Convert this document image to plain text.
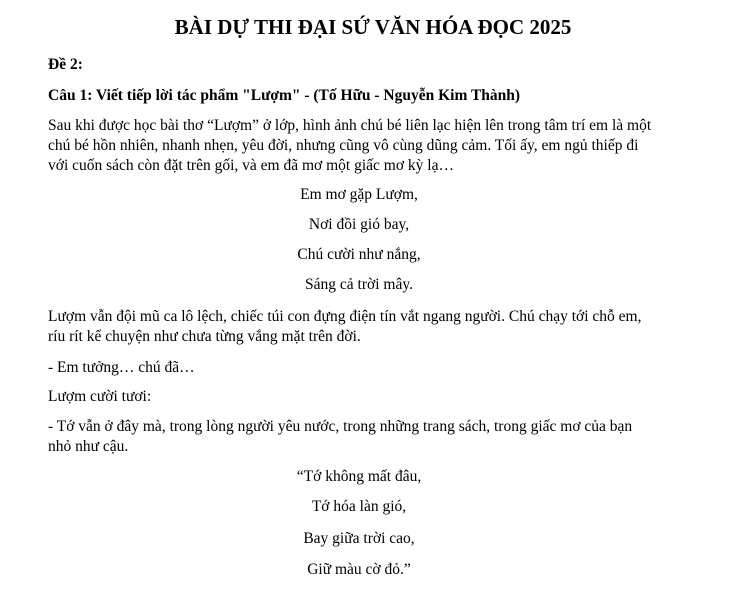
BÀI DỰ THI ĐẠI SỨ VĂN HÓA ĐỌC 2025
Đề 2:
Câu 1: Viết tiếp lời tác phẩm "Lượm" - (Tố Hữu - Nguyễn Kim Thành)
Sau khi được học bài thơ “Lượm” ở lớp, hình ảnh chú bé liên lạc hiện lên trong tâm trí em là một
chú bé hồn nhiên, nhanh nhẹn, yêu đời, nhưng cũng vô cùng dũng cảm. Tối ấy, em ngủ thiếp đi
với cuốn sách còn đặt trên gối, và em đã mơ một giấc mơ kỳ lạ…
Em mơ gặp Lượm,
Nơi đồi gió bay,
Chú cười như nắng,
Sáng cả trời mây.
Lượm vẫn đội mũ ca lô lệch, chiếc túi con đựng điện tín vắt ngang người. Chú chạy tới chỗ em,
ríu rít kể chuyện như chưa từng vắng mặt trên đời.
- Em tưởng… chú đã…
Lượm cười tươi:
- Tớ vẫn ở đây mà, trong lòng người yêu nước, trong những trang sách, trong giấc mơ của bạn
nhỏ như cậu.
“Tớ không mất đâu,
Tớ hóa làn gió,
Bay giữa trời cao,
Giữ màu cờ đỏ.”
